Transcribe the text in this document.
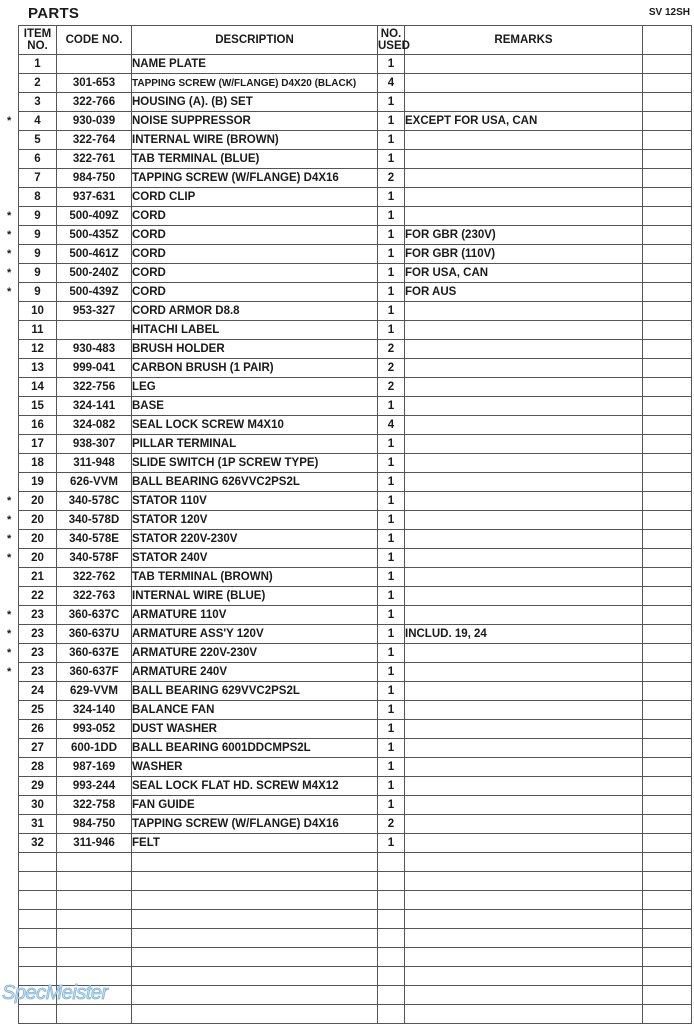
PARTS	SV 12SH
ITEM
NO.	CODE NO.	DESCRIPTION	NO.
USED	REMARKS	

1		NAME PLATE	1		

2	301-653	TAPPING SCREW (W/FLANGE) D4X20 (BLACK)	4		

3	322-766	HOUSING (A). (B) SET	1		

* 4	930-039	NOISE SUPPRESSOR	1	EXCEPT FOR USA, CAN	

5	322-764	INTERNAL WIRE (BROWN)	1		

6	322-761	TAB TERMINAL (BLUE)	1		

7	984-750	TAPPING SCREW (W/FLANGE) D4X16	2		

8	937-631	CORD CLIP	1		

* 9	500-409Z	CORD	1		

* 9	500-435Z	CORD	1	FOR GBR (230V)	

* 9	500-461Z	CORD	1	FOR GBR (110V)	

* 9	500-240Z	CORD	1	FOR USA, CAN	

* 9	500-439Z	CORD	1	FOR AUS	

10	953-327	CORD ARMOR D8.8	1		

11		HITACHI LABEL	1		

12	930-483	BRUSH HOLDER	2		

13	999-041	CARBON BRUSH (1 PAIR)	2		

14	322-756	LEG	2		

15	324-141	BASE	1		

16	324-082	SEAL LOCK SCREW M4X10	4		

17	938-307	PILLAR TERMINAL	1		

18	311-948	SLIDE SWITCH (1P SCREW TYPE)	1		

19	626-VVM	BALL BEARING 626VVC2PS2L	1		

* 20	340-578C	STATOR 110V	1		

* 20	340-578D	STATOR 120V	1		

* 20	340-578E	STATOR 220V-230V	1		

* 20	340-578F	STATOR 240V	1		

21	322-762	TAB TERMINAL (BROWN)	1		

22	322-763	INTERNAL WIRE (BLUE)	1		

* 23	360-637C	ARMATURE 110V	1		

* 23	360-637U	ARMATURE ASS'Y 120V	1	INCLUD. 19, 24	

* 23	360-637E	ARMATURE 220V-230V	1		

* 23	360-637F	ARMATURE 240V	1		

24	629-VVM	BALL BEARING 629VVC2PS2L	1		

25	324-140	BALANCE FAN	1		

26	993-052	DUST WASHER	1		

27	600-1DD	BALL BEARING 6001DDCMPS2L	1		

28	987-169	WASHER	1		

29	993-244	SEAL LOCK FLAT HD. SCREW M4X12	1		

30	322-758	FAN GUIDE	1		

31	984-750	TAPPING SCREW (W/FLANGE) D4X16	2		

32	311-946	FELT	1		

SpecMeister
